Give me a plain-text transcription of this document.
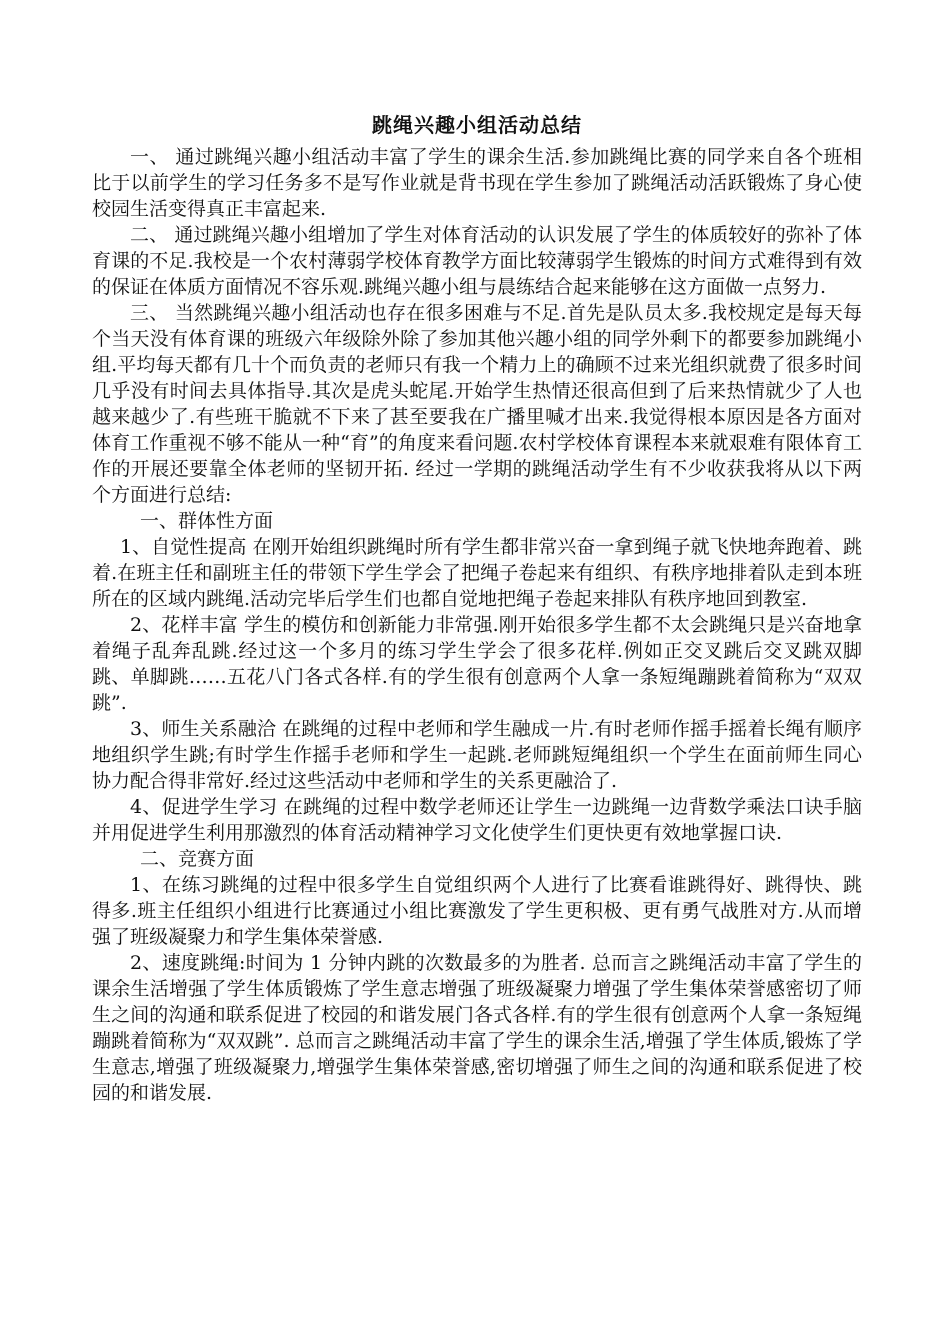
跳绳兴趣小组活动总结

一、 通过跳绳兴趣小组活动丰富了学生的课余生活.参加跳绳比赛的同学来自各个班相比于以前学生的学习任务多不是写作业就是背书现在学生参加了跳绳活动活跃锻炼了身心使校园生活变得真正丰富起来.

二、 通过跳绳兴趣小组增加了学生对体育活动的认识发展了学生的体质较好的弥补了体育课的不足.我校是一个农村薄弱学校体育教学方面比较薄弱学生锻炼的时间方式难得到有效的保证在体质方面情况不容乐观.跳绳兴趣小组与晨练结合起来能够在这方面做一点努力.

三、 当然跳绳兴趣小组活动也存在很多困难与不足.首先是队员太多.我校规定是每天每个当天没有体育课的班级六年级除外除了参加其他兴趣小组的同学外剩下的都要参加跳绳小组.平均每天都有几十个而负责的老师只有我一个精力上的确顾不过来光组织就费了很多时间几乎没有时间去具体指导.其次是虎头蛇尾.开始学生热情还很高但到了后来热情就少了人也越来越少了.有些班干脆就不下来了甚至要我在广播里喊才出来.我觉得根本原因是各方面对体育工作重视不够不能从一种“育”的角度来看问题.农村学校体育课程本来就艰难有限体育工作的开展还要靠全体老师的坚韧开拓. 经过一学期的跳绳活动学生有不少收获我将从以下两个方面进行总结:

一、群体性方面

1、自觉性提高 在刚开始组织跳绳时所有学生都非常兴奋一拿到绳子就飞快地奔跑着、跳着.在班主任和副班主任的带领下学生学会了把绳子卷起来有组织、有秩序地排着队走到本班所在的区域内跳绳.活动完毕后学生们也都自觉地把绳子卷起来排队有秩序地回到教室.

2、花样丰富 学生的模仿和创新能力非常强.刚开始很多学生都不太会跳绳只是兴奋地拿着绳子乱奔乱跳.经过这一个多月的练习学生学会了很多花样.例如正交叉跳后交叉跳双脚跳、单脚跳……五花八门各式各样.有的学生很有创意两个人拿一条短绳蹦跳着简称为“双双跳”.

3、师生关系融洽 在跳绳的过程中老师和学生融成一片.有时老师作摇手摇着长绳有顺序地组织学生跳;有时学生作摇手老师和学生一起跳.老师跳短绳组织一个学生在面前师生同心协力配合得非常好.经过这些活动中老师和学生的关系更融洽了.

4、促进学生学习 在跳绳的过程中数学老师还让学生一边跳绳一边背数学乘法口诀手脑并用促进学生利用那激烈的体育活动精神学习文化使学生们更快更有效地掌握口诀.

二、竞赛方面

1、在练习跳绳的过程中很多学生自觉组织两个人进行了比赛看谁跳得好、跳得快、跳得多.班主任组织小组进行比赛通过小组比赛激发了学生更积极、更有勇气战胜对方.从而增强了班级凝聚力和学生集体荣誉感.

2、速度跳绳:时间为 1 分钟内跳的次数最多的为胜者. 总而言之跳绳活动丰富了学生的课余生活增强了学生体质锻炼了学生意志增强了班级凝聚力增强了学生集体荣誉感密切了师生之间的沟通和联系促进了校园的和谐发展门各式各样.有的学生很有创意两个人拿一条短绳蹦跳着简称为“双双跳”. 总而言之跳绳活动丰富了学生的课余生活,增强了学生体质,锻炼了学生意志,增强了班级凝聚力,增强学生集体荣誉感,密切增强了师生之间的沟通和联系促进了校园的和谐发展.
